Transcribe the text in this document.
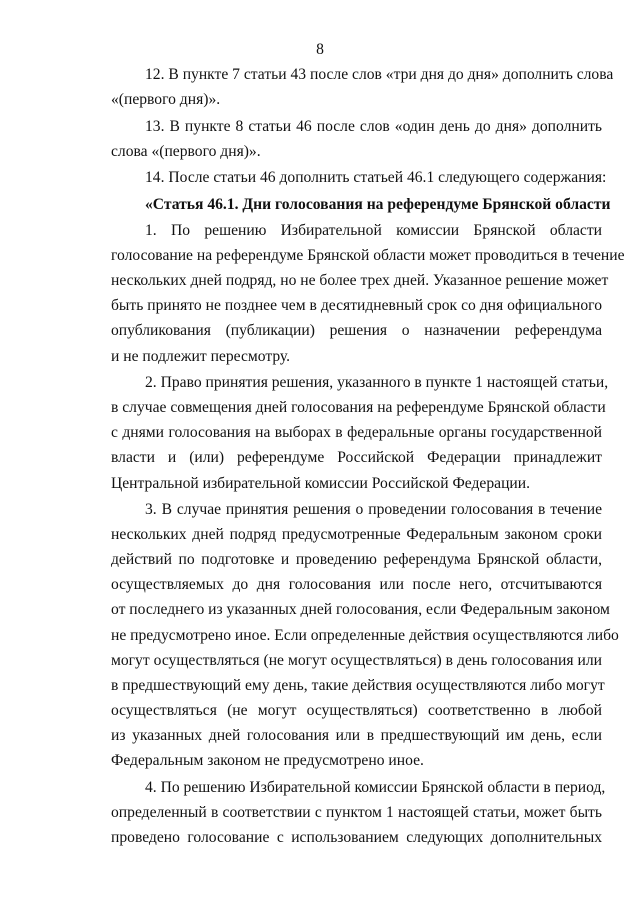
8
12. В пункте 7 статьи 43 после слов «три дня до дня» дополнить слова
«(первого дня)».
13. В пункте 8 статьи 46 после слов «один день до дня» дополнить
слова «(первого дня)».
14. После статьи 46 дополнить статьей 46.1 следующего содержания:
«Статья 46.1. Дни голосования на референдуме Брянской области
1. По решению Избирательной комиссии Брянской области
голосование на референдуме Брянской области может проводиться в течение
нескольких дней подряд, но не более трех дней. Указанное решение может
быть принято не позднее чем в десятидневный срок со дня официального
опубликования (публикации) решения о назначении референдума
и не подлежит пересмотру.
2. Право принятия решения, указанного в пункте 1 настоящей статьи,
в случае совмещения дней голосования на референдуме Брянской области
с днями голосования на выборах в федеральные органы государственной
власти и (или) референдуме Российской Федерации принадлежит
Центральной избирательной комиссии Российской Федерации.
3. В случае принятия решения о проведении голосования в течение
нескольких дней подряд предусмотренные Федеральным законом сроки
действий по подготовке и проведению референдума Брянской области,
осуществляемых до дня голосования или после него, отсчитываются
от последнего из указанных дней голосования, если Федеральным законом
не предусмотрено иное. Если определенные действия осуществляются либо
могут осуществляться (не могут осуществляться) в день голосования или
в предшествующий ему день, такие действия осуществляются либо могут
осуществляться (не могут осуществляться) соответственно в любой
из указанных дней голосования или в предшествующий им день, если
Федеральным законом не предусмотрено иное.
4. По решению Избирательной комиссии Брянской области в период,
определенный в соответствии с пунктом 1 настоящей статьи, может быть
проведено голосование с использованием следующих дополнительных
